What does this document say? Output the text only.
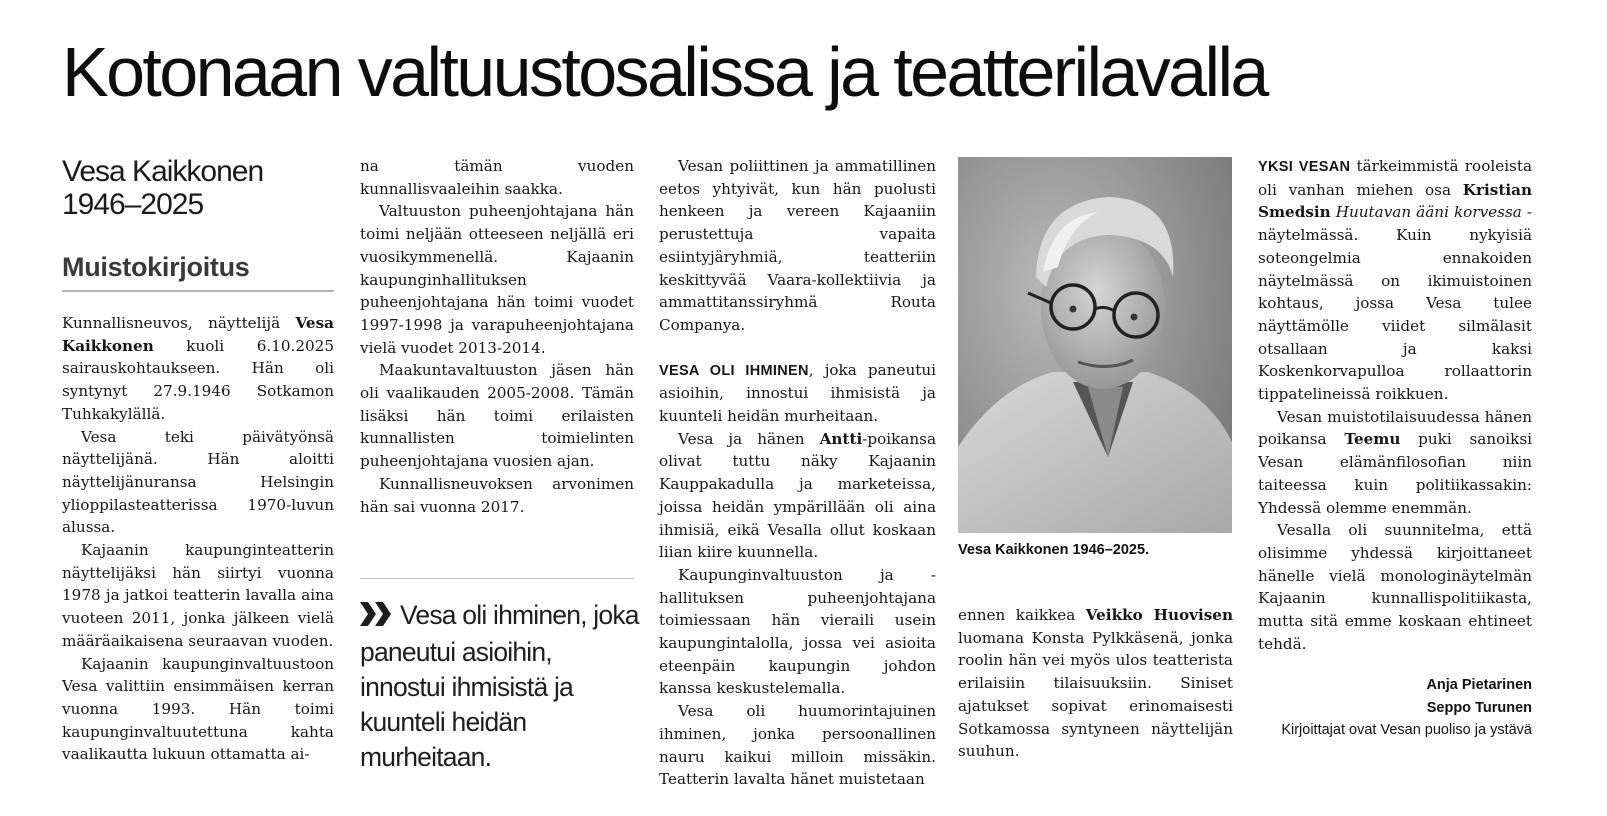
Kotonaan valtuustosalissa ja teatterilavalla
Vesa Kaikkonen
1946–2025
Muistokirjoitus

Kunnallisneuvos, näyttelijä Vesa Kaikkonen kuoli 6.10.2025 sairauskohtaukseen. Hän oli syntynyt 27.9.1946 Sotkamon Tuhkakylällä.

Vesa teki päivätyönsä näyttelijänä. Hän aloitti näyttelijänuransa Helsingin ylioppilasteatterissa 1970-luvun alussa.

Kajaanin kaupunginteatterin näyttelijäksi hän siirtyi vuonna 1978 ja jatkoi teatterin lavalla aina vuoteen 2011, jonka jälkeen vielä määräaikaisena seuraavan vuoden.

Kajaanin kaupunginvaltuustoon Vesa valittiin ensimmäisen kerran vuonna 1993. Hän toimi kaupunginvaltuutettuna kahta vaalikautta lukuun ottamatta ai-

na tämän vuoden kunnallisvaaleihin saakka.

Valtuuston puheenjohtajana hän toimi neljään otteeseen neljällä eri vuosikymmenellä. Kajaanin kaupunginhallituksen puheenjohtajana hän toimi vuodet 1997-1998 ja varapuheenjohtajana vielä vuodet 2013-2014.

Maakuntavaltuuston jäsen hän oli vaalikauden 2005-2008. Tämän lisäksi hän toimi erilaisten kunnallisten toimielinten puheenjohtajana vuosien ajan.

Kunnallisneuvoksen arvonimen hän sai vuonna 2017.

Vesa oli ihminen, joka paneutui asioihin, innostui ihmisistä ja kuunteli heidän murheitaan.

Vesan poliittinen ja ammatillinen eetos yhtyivät, kun hän puolusti henkeen ja vereen Kajaaniin perustettuja vapaita esiintyjäryhmiä, teatteriin keskittyvää Vaara-kollektiivia ja ammattitanssiryhmä Routa Companya.

VESA OLI IHMINEN, joka paneutui asioihin, innostui ihmisistä ja kuunteli heidän murheitaan.

Vesa ja hänen Antti-poikansa olivat tuttu näky Kajaanin Kauppakadulla ja marketeissa, joissa heidän ympärillään oli aina ihmisiä, eikä Vesalla ollut koskaan liian kiire kuunnella.

Kaupunginvaltuuston ja -hallituksen puheenjohtajana toimiessaan hän vieraili usein kaupungintalolla, jossa vei asioita eteenpäin kaupungin johdon kanssa keskustelemalla.

Vesa oli huumorintajuinen ihminen, jonka persoonallinen nauru kaikui milloin missäkin. Teatterin lavalta hänet muistetaan

Vesa Kaikkonen 1946–2025.

ennen kaikkea Veikko Huovisen luomana Konsta Pylkkäsenä, jonka roolin hän vei myös ulos teatterista erilaisiin tilaisuuksiin. Siniset ajatukset sopivat erinomaisesti Sotkamossa syntyneen näyttelijän suuhun.

YKSI VESAN tärkeimmistä rooleista oli vanhan miehen osa Kristian Smedsin Huutavan ääni korvessa -näytelmässä. Kuin nykyisiä soteongelmia ennakoiden näytelmässä on ikimuistoinen kohtaus, jossa Vesa tulee näyttämölle viidet silmälasit otsallaan ja kaksi Koskenkorvapulloa rollaattorin tippatelineissä roikkuen.

Vesan muistotilaisuudessa hänen poikansa Teemu puki sanoiksi Vesan elämänfilosofian niin taiteessa kuin politiikassakin: Yhdessä olemme enemmän.

Vesalla oli suunnitelma, että olisimme yhdessä kirjoittaneet hänelle vielä monologinäytelmän Kajaanin kunnallispolitiikasta, mutta sitä emme koskaan ehtineet tehdä.

Anja Pietarinen
Seppo Turunen
Kirjoittajat ovat Vesan puoliso ja ystävä
